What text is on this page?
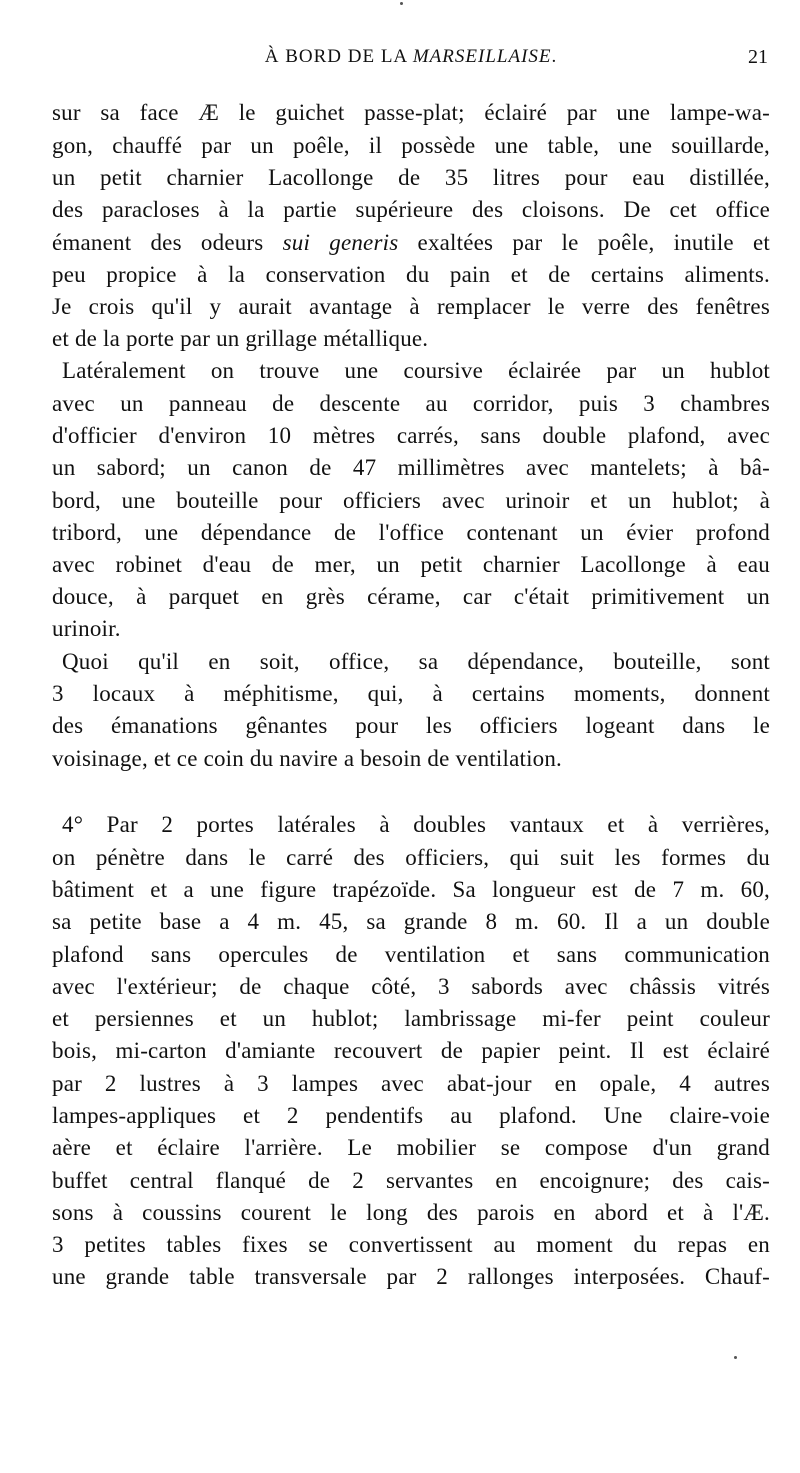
À BORD DE LA MARSEILLAISE.	21
sur sa face Æ le guichet passe-plat; éclairé par une lampe-wa-
gon, chauffé par un poêle, il possède une table, une souillarde,
un petit charnier Lacollonge de 35 litres pour eau distillée,
des paracloses à la partie supérieure des cloisons. De cet office
émanent des odeurs sui generis exaltées par le poêle, inutile et
peu propice à la conservation du pain et de certains aliments.
Je crois qu'il y aurait avantage à remplacer le verre des fenêtres
et de la porte par un grillage métallique.
Latéralement on trouve une coursive éclairée par un hublot
avec un panneau de descente au corridor, puis 3 chambres
d'officier d'environ 10 mètres carrés, sans double plafond, avec
un sabord; un canon de 47 millimètres avec mantelets; à bâ-
bord, une bouteille pour officiers avec urinoir et un hublot; à
tribord, une dépendance de l'office contenant un évier profond
avec robinet d'eau de mer, un petit charnier Lacollonge à eau
douce, à parquet en grès cérame, car c'était primitivement un
urinoir.
Quoi qu'il en soit, office, sa dépendance, bouteille, sont
3 locaux à méphitisme, qui, à certains moments, donnent
des émanations gênantes pour les officiers logeant dans le
voisinage, et ce coin du navire a besoin de ventilation.
4° Par 2 portes latérales à doubles vantaux et à verrières,
on pénètre dans le carré des officiers, qui suit les formes du
bâtiment et a une figure trapézoïde. Sa longueur est de 7 m. 60,
sa petite base a 4 m. 45, sa grande 8 m. 60. Il a un double
plafond sans opercules de ventilation et sans communication
avec l'extérieur; de chaque côté, 3 sabords avec châssis vitrés
et persiennes et un hublot; lambrissage mi-fer peint couleur
bois, mi-carton d'amiante recouvert de papier peint. Il est éclairé
par 2 lustres à 3 lampes avec abat-jour en opale, 4 autres
lampes-appliques et 2 pendentifs au plafond. Une claire-voie
aère et éclaire l'arrière. Le mobilier se compose d'un grand
buffet central flanqué de 2 servantes en encoignure; des cais-
sons à coussins courent le long des parois en abord et à l'Æ.
3 petites tables fixes se convertissent au moment du repas en
une grande table transversale par 2 rallonges interposées. Chauf-
